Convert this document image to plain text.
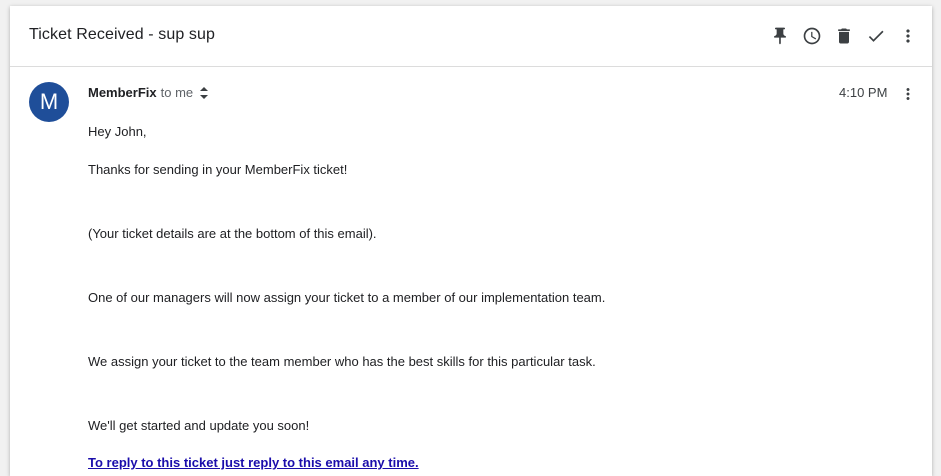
Ticket Received - sup sup
M	MemberFix to me	4:10 PM
Hey John,
Thanks for sending in your MemberFix ticket!
(Your ticket details are at the bottom of this email).
One of our managers will now assign your ticket to a member of our implementation team.
We assign your ticket to the team member who has the best skills for this particular task.
We'll get started and update you soon!
To reply to this ticket just reply to this email any time.
